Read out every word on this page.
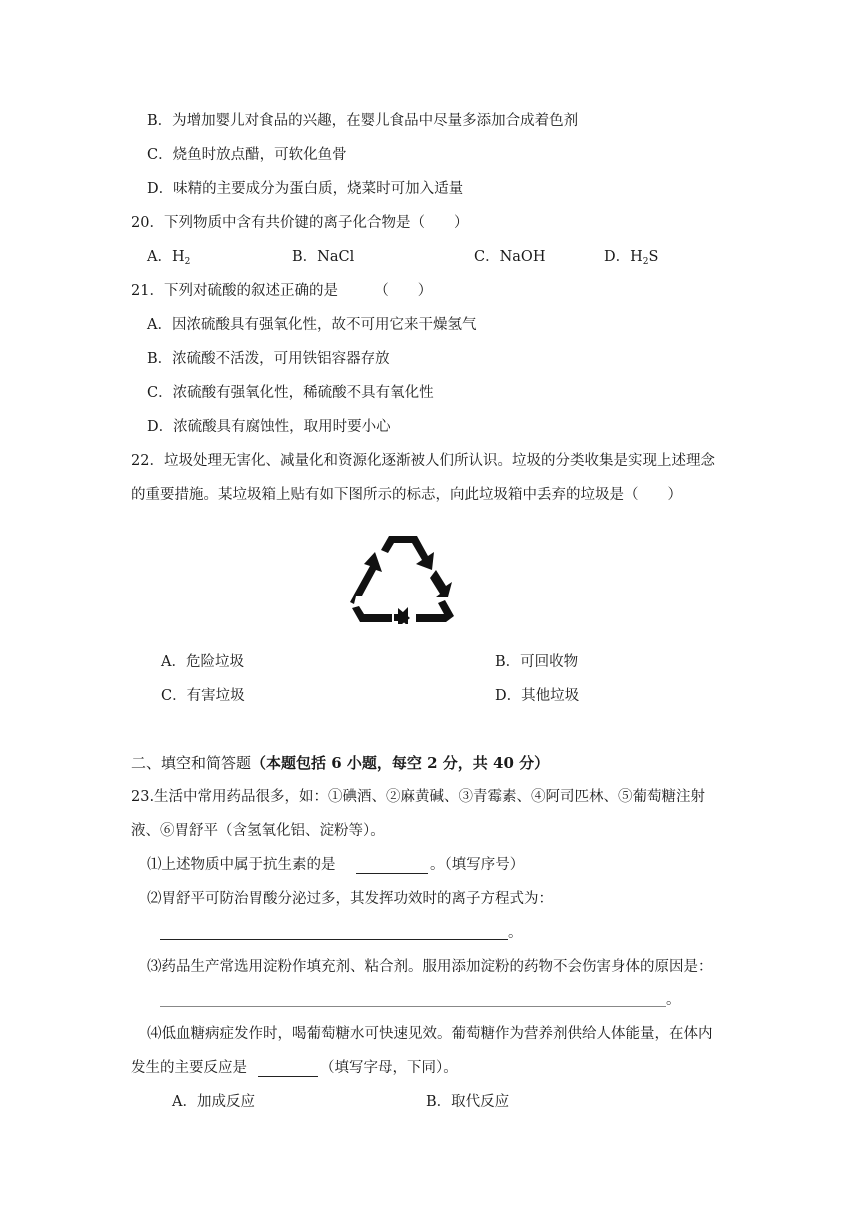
B．为增加婴儿对食品的兴趣，在婴儿食品中尽量多添加合成着色剂
C．烧鱼时放点醋，可软化鱼骨
D．味精的主要成分为蛋白质，烧菜时可加入适量
20．下列物质中含有共价键的离子化合物是（　　）
A．$H_2$	B．NaCl	C．NaOH	D．$H_2S$
21．下列对硫酸的叙述正确的是　　　（　　）
A．因浓硫酸具有强氧化性，故不可用它来干燥氢气
B．浓硫酸不活泼，可用铁铝容器存放
C．浓硫酸有强氧化性，稀硫酸不具有氧化性
D．浓硫酸具有腐蚀性，取用时要小心
22．垃圾处理无害化、减量化和资源化逐渐被人们所认识。垃圾的分类收集是实现上述理念
的重要措施。某垃圾箱上贴有如下图所示的标志，向此垃圾箱中丢弃的垃圾是（　　）
A．危险垃圾	B．可回收物
C．有害垃圾	D．其他垃圾
二、填空和简答题（本题包括 6 小题，每空 2 分，共 40 分）
23.生活中常用药品很多，如：①碘酒、②麻黄碱、③青霉素、④阿司匹林、⑤葡萄糖注射
液、⑥胃舒平（含氢氧化铝、淀粉等）。
⑴上述物质中属于抗生素的是	。（填写序号）
⑵胃舒平可防治胃酸分泌过多，其发挥功效时的离子方程式为：
。
⑶药品生产常选用淀粉作填充剂、粘合剂。服用添加淀粉的药物不会伤害身体的原因是：
。
⑷低血糖病症发作时，喝葡萄糖水可快速见效。葡萄糖作为营养剂供给人体能量，在体内
发生的主要反应是	（填写字母，下同）。
A．加成反应	B．取代反应
